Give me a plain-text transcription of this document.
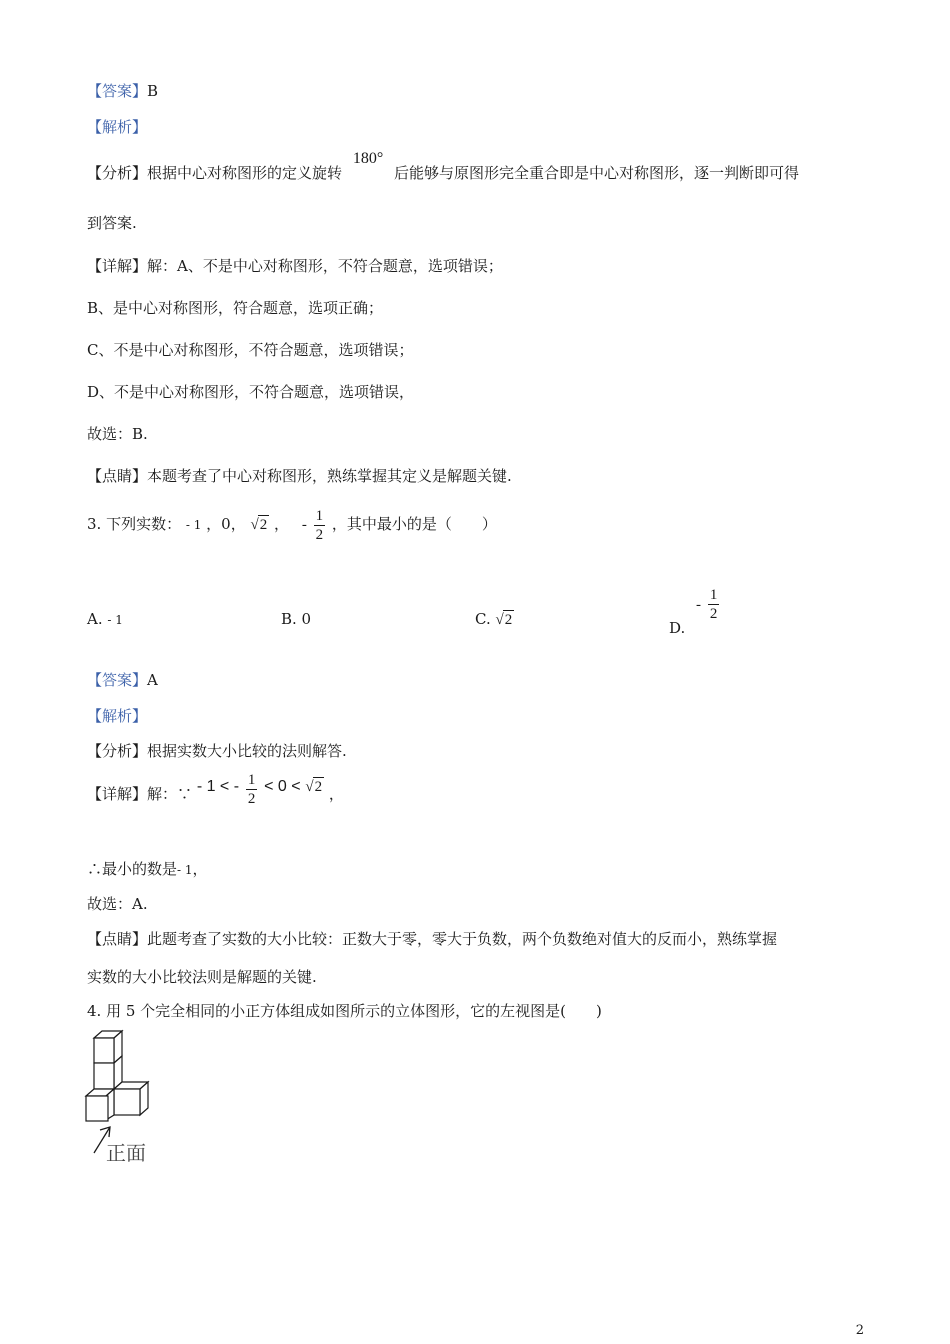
【答案】B
【解析】
【分析】根据中心对称图形的定义旋转 180° 后能够与原图形完全重合即是中心对称图形，逐一判断即可得
到答案.
【详解】解：A、不是中心对称图形，不符合题意，选项错误；
B、是中心对称图形，符合题意，选项正确；
C、不是中心对称图形，不符合题意，选项错误；
D、不是中心对称图形，不符合题意，选项错误，
故选：B.
【点睛】本题考查了中心对称图形，熟练掌握其定义是解题关键.
3. 下列实数： - 1 ，0， √2 ， - $\frac{1}{2}$ ，其中最小的是（　　）
A. - 1	B. 0	C. √2	D. - $\frac{1}{2}$
【答案】A
【解析】
【分析】根据实数大小比较的法则解答.
【详解】解：∵ - 1 < - $\frac{1}{2} < 0 < √2$ ，
∴最小的数是- 1，
故选：A.
【点睛】此题考查了实数的大小比较：正数大于零，零大于负数，两个负数绝对值大的反而小，熟练掌握
实数的大小比较法则是解题的关键.
4. 用 5 个完全相同的小正方体组成如图所示的立体图形，它的左视图是(　　)
正面
2
